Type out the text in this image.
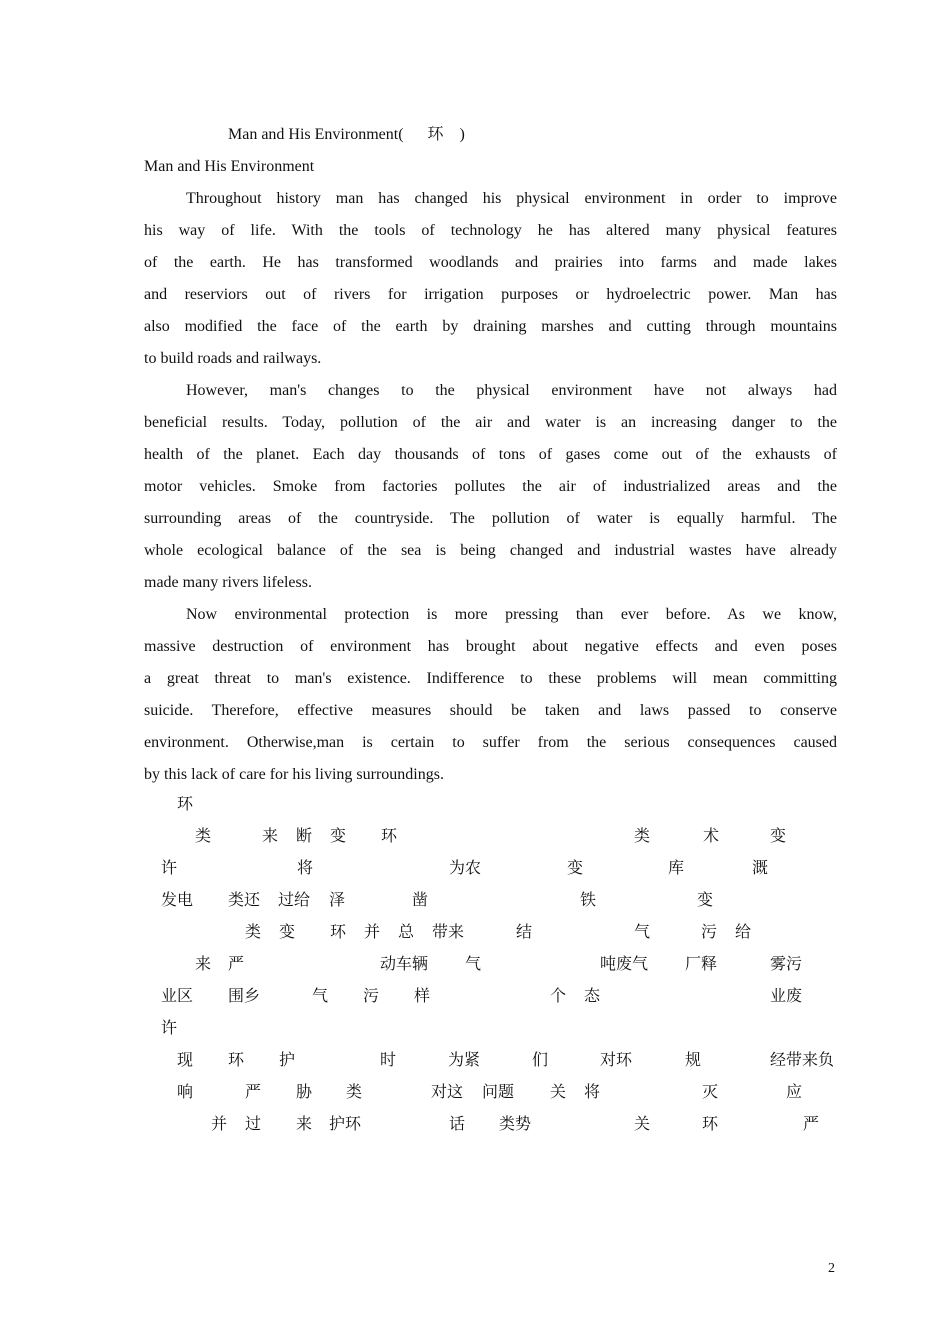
Man and His Environment(      环    )
Man and His Environment
Throughout history man has changed his physical environment in order to improve
his way of life. With the tools of technology he has altered many physical features
of the earth. He has transformed woodlands and prairies into farms and made lakes
and reserviors out of rivers for irrigation purposes or hydroelectric power. Man has
also modified the face of the earth by draining marshes and cutting through mountains
to build roads and railways.
However, man's changes to the physical environment have not always had
beneficial results. Today, pollution of the air and water is an increasing danger to the
health of the planet. Each day thousands of tons of gases come out of the exhausts of
motor vehicles. Smoke from factories pollutes the air of industrialized areas and the
surrounding areas of the countryside. The pollution of water is equally harmful. The
whole ecological balance of the sea is being changed and industrial wastes have already
made many rivers lifeless.
Now environmental protection is more pressing than ever before. As we know,
massive destruction of environment has brought about negative effects and even poses
a great threat to man's existence. Indifference to these problems will mean committing
suicide. Therefore, effective measures should be taken and laws passed to conserve
environment. Otherwise,man is certain to suffer from the serious consequences caused
by this lack of care for his living surroundings.
环
类	来 断 变 环	类	术	变
许	将	为农	变	库	溉
发电 类还 过给 泽	凿	铁	变
类 变 环 并 总 带来	结	气	污 给
来 严	动车辆 气	吨废气 厂释	雾污
业区 围乡	气 污 样	个 态	业废
许
现 环 护	时	为紧	们	对环	规	经带来负
响	严 胁 类	对这 问题 关 将	灭	应
并 过 来 护环	话 类势	关	环	严
2
